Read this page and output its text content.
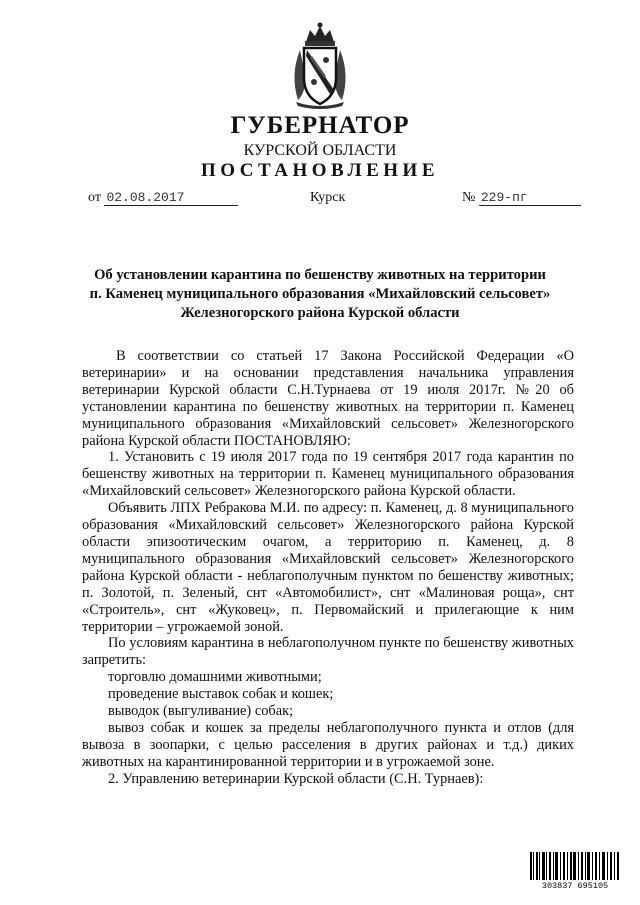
ГУБЕРНАТОР
КУРСКОЙ ОБЛАСТИ
ПОСТАНОВЛЕНИЕ
от 02.08.2017	Курск	№ 229-пг
Об установлении карантина по бешенству животных на территории
п. Каменец муниципального образования «Михайловский сельсовет»
Железногорского района Курской области

В соответствии со статьей 17 Закона Российской Федерации «О ветеринарии» и на основании представления начальника управления ветеринарии Курской области С.Н.Турнаева от 19 июля 2017г. №20 об установлении карантина по бешенству животных на территории п. Каменец муниципального образования «Михайловский сельсовет» Железногорского района Курской области ПОСТАНОВЛЯЮ:

1. Установить с 19 июля 2017 года по 19 сентября 2017 года карантин по бешенству животных на территории п. Каменец муниципального образования «Михайловский сельсовет» Железногорского района Курской области.

Объявить ЛПХ Ребракова М.И. по адресу: п. Каменец, д. 8 муниципального образования «Михайловский сельсовет» Железногорского района Курской области эпизоотическим очагом, а территорию п. Каменец, д. 8 муниципального образования «Михайловский сельсовет» Железногорского района Курской области - неблагополучным пунктом по бешенству животных; п. Золотой, п. Зеленый, снт «Автомобилист», снт «Малиновая роща», снт «Строитель», снт «Жуковец», п. Первомайский и прилегающие к ним территории – угрожаемой зоной.

По условиям карантина в неблагополучном пункте по бешенству животных запретить:

торговлю домашними животными;

проведение выставок собак и кошек;

выводок (выгуливание) собак;

вывоз собак и кошек за пределы неблагополучного пункта и отлов (для вывоза в зоопарки, с целью расселения в других районах и т.д.) диких животных на карантинированной территории и в угрожаемой зоне.

2. Управлению ветеринарии Курской области (С.Н. Турнаев):

303837 695105
